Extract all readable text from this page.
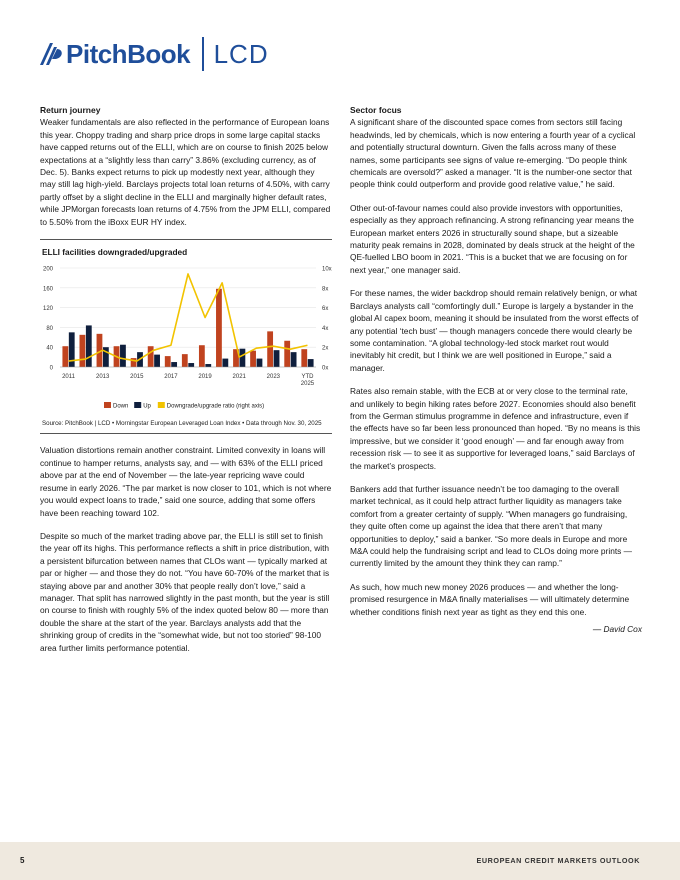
PitchBook LCD
Return journey

Weaker fundamentals are also reflected in the performance of European loans this year. Choppy trading and sharp price drops in some large capital stacks have capped returns out of the ELLI, which are on course to finish 2025 below expectations at a “slightly less than carry” 3.86% (excluding currency, as of Dec. 5). Banks expect returns to pick up modestly next year, although they may still lag high-yield. Barclays projects total loan returns of 4.50%, with carry partly offset by a slight decline in the ELLI and marginally higher default rates, while JPMorgan forecasts loan returns of 4.75% from the JPM ELLI, compared to 5.50% from the iBoxx EUR HY index.

ELLI facilities downgraded/upgraded
200
160
120
80
40
0
10x
8x
6x
4x
2x
0x
2011	2013	2015	2017	2019	2021	2023	YTD 2025
Down Up	Downgrade/upgrade ratio (right axis)
Source: PitchBook | LCD • Morningstar European Leveraged Loan Index • Data through Nov. 30, 2025

Valuation distortions remain another constraint. Limited convexity in loans will continue to hamper returns, analysts say, and — with 63% of the ELLI priced above par at the end of November — the late-year repricing wave could resume in early 2026. “The par market is now closer to 101, which is not where you would expect loans to trade,” said one source, adding that some offers have been reaching toward 102.

Despite so much of the market trading above par, the ELLI is still set to finish the year off its highs. This performance reflects a shift in price distribution, with a persistent bifurcation between names that CLOs want — typically marked at par or higher — and those they do not. “You have 60-70% of the market that is staying above par and another 30% that people really don’t love,” said a manager. That split has narrowed slightly in the past month, but the year is still on course to finish with roughly 5% of the index quoted below 80 — more than double the share at the start of the year. Barclays analysts add that the shrinking group of credits in the “somewhat wide, but not too storied” 98-100 area further limits performance potential.

Sector focus

A significant share of the discounted space comes from sectors still facing headwinds, led by chemicals, which is now entering a fourth year of a cyclical and potentially structural downturn. Given the falls across many of these names, some participants see signs of value re-emerging. “Do people think chemicals are oversold?” asked a manager. “It is the number-one sector that people think could outperform and provide good relative value,” he said.

Other out-of-favour names could also provide investors with opportunities, especially as they approach refinancing. A strong refinancing year means the European market enters 2026 in structurally sound shape, but a sizeable maturity peak remains in 2028, dominated by deals struck at the height of the QE-fuelled LBO boom in 2021. “This is a bucket that we are focusing on for next year,” one manager said.

For these names, the wider backdrop should remain relatively benign, or what Barclays analysts call “comfortingly dull.” Europe is largely a bystander in the global AI capex boom, meaning it should be insulated from the worst effects of any potential ‘tech bust’ — though managers concede there would clearly be some contamination. “A global technology-led stock market rout would inevitably hit credit, but I think we are well positioned in Europe,” said a manager.

Rates also remain stable, with the ECB at or very close to the terminal rate, and unlikely to begin hiking rates before 2027. Economies should also benefit from the German stimulus programme in defence and infrastructure, even if the effects have so far been less pronounced than hoped. “By no means is this impressive, but we consider it ‘good enough’ — and far enough away from recession risk — to see it as supportive for leveraged loans,” said Barclays of the market’s prospects.

Bankers add that further issuance needn’t be too damaging to the overall market technical, as it could help attract further liquidity as managers take comfort from a greater certainty of supply. “When managers go fundraising, they quite often come up against the idea that there aren’t that many opportunities to deploy,” said a banker. “So more deals in Europe and more M&A could help the fundraising script and lead to CLOs doing more prints — currently limited by the amount they think they can ramp.”

As such, how much new money 2026 produces — and whether the long-promised resurgence in M&A finally materialises — will ultimately determine whether conditions finish next year as tight as they end this one.

— David Cox
5	EUROPEAN CREDIT MARKETS OUTLOOK
